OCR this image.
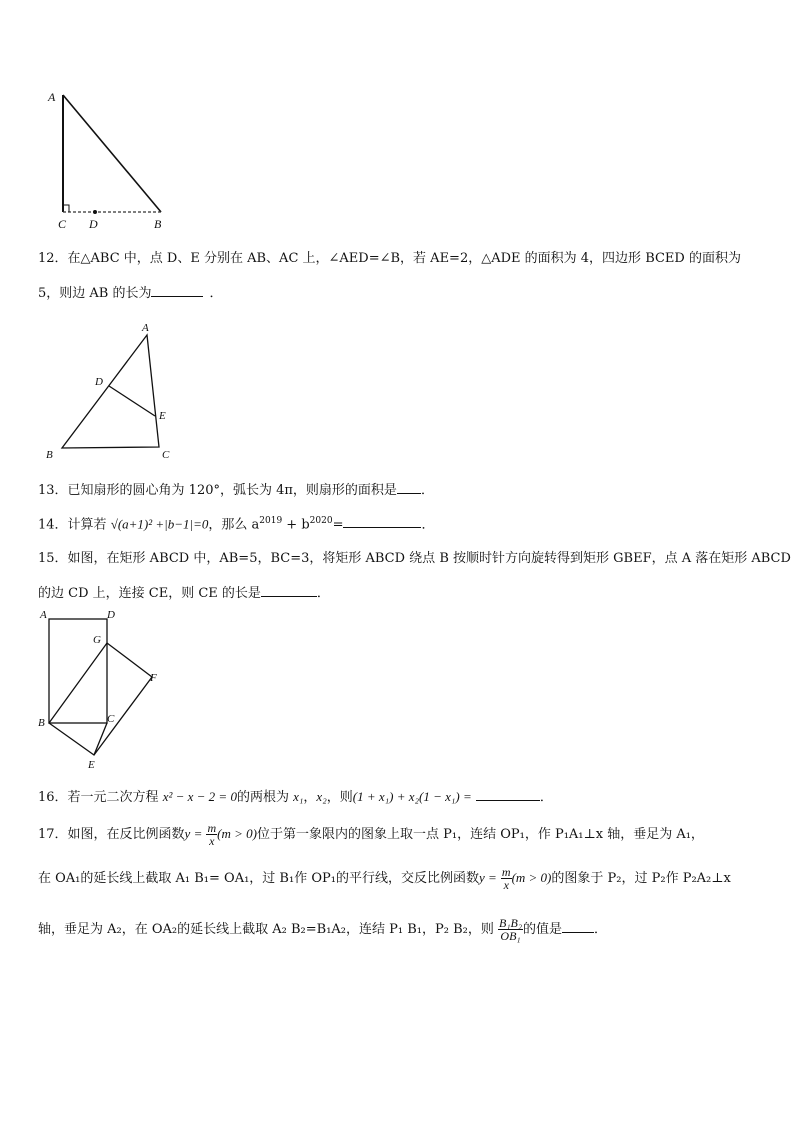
A
C D	B
12．在△ABC 中，点 D、E 分别在 AB、AC 上，∠AED=∠B，若 AE=2，△ADE 的面积为 4，四边形 BCED 的面积为
5，则边 AB 的长为	．
A
D
E
B	C
13．已知扇形的圆心角为 120°，弧长为 4π，则扇形的面积是 ．
14．计算若 √(a+1)² +|b−1|=0，那么 $a^{2019} + b^{2020}=$	．
15．如图，在矩形 ABCD 中，AB=5，BC=3，将矩形 ABCD 绕点 B 按顺时针方向旋转得到矩形 GBEF，点 A 落在矩形 ABCD
的边 CD 上，连接 CE，则 CE 的长是	．
A	D
G
F
B	C
E
16．若一元二次方程 x² − x − 2 = 0的两根为 x₁，x₂，则(1 + x₁) + x₂(1 − x₁) =	．
17．如图，在反比例函数$y = \frac{m}{x} (m > 0)$位于第一象限内的图象上取一点 P₁，连结 OP₁，作 P₁A₁⊥x 轴，垂足为 A₁，
在 OA₁的延长线上截取 A₁ B₁= OA₁，过 B₁作 OP₁的平行线，交反比例函数$y = \frac{m}{x} (m > 0)$的图象于 P₂，过 P₂作 P₂A₂⊥x
轴，垂足为 A₂，在 OA₂的延长线上截取 A₂ B₂=B₁A₂，连结 P₁ B₁，P₂ B₂，则 $\frac{\text{B₁B₂}}{\text{OB₁}}$ 的值是 ．
